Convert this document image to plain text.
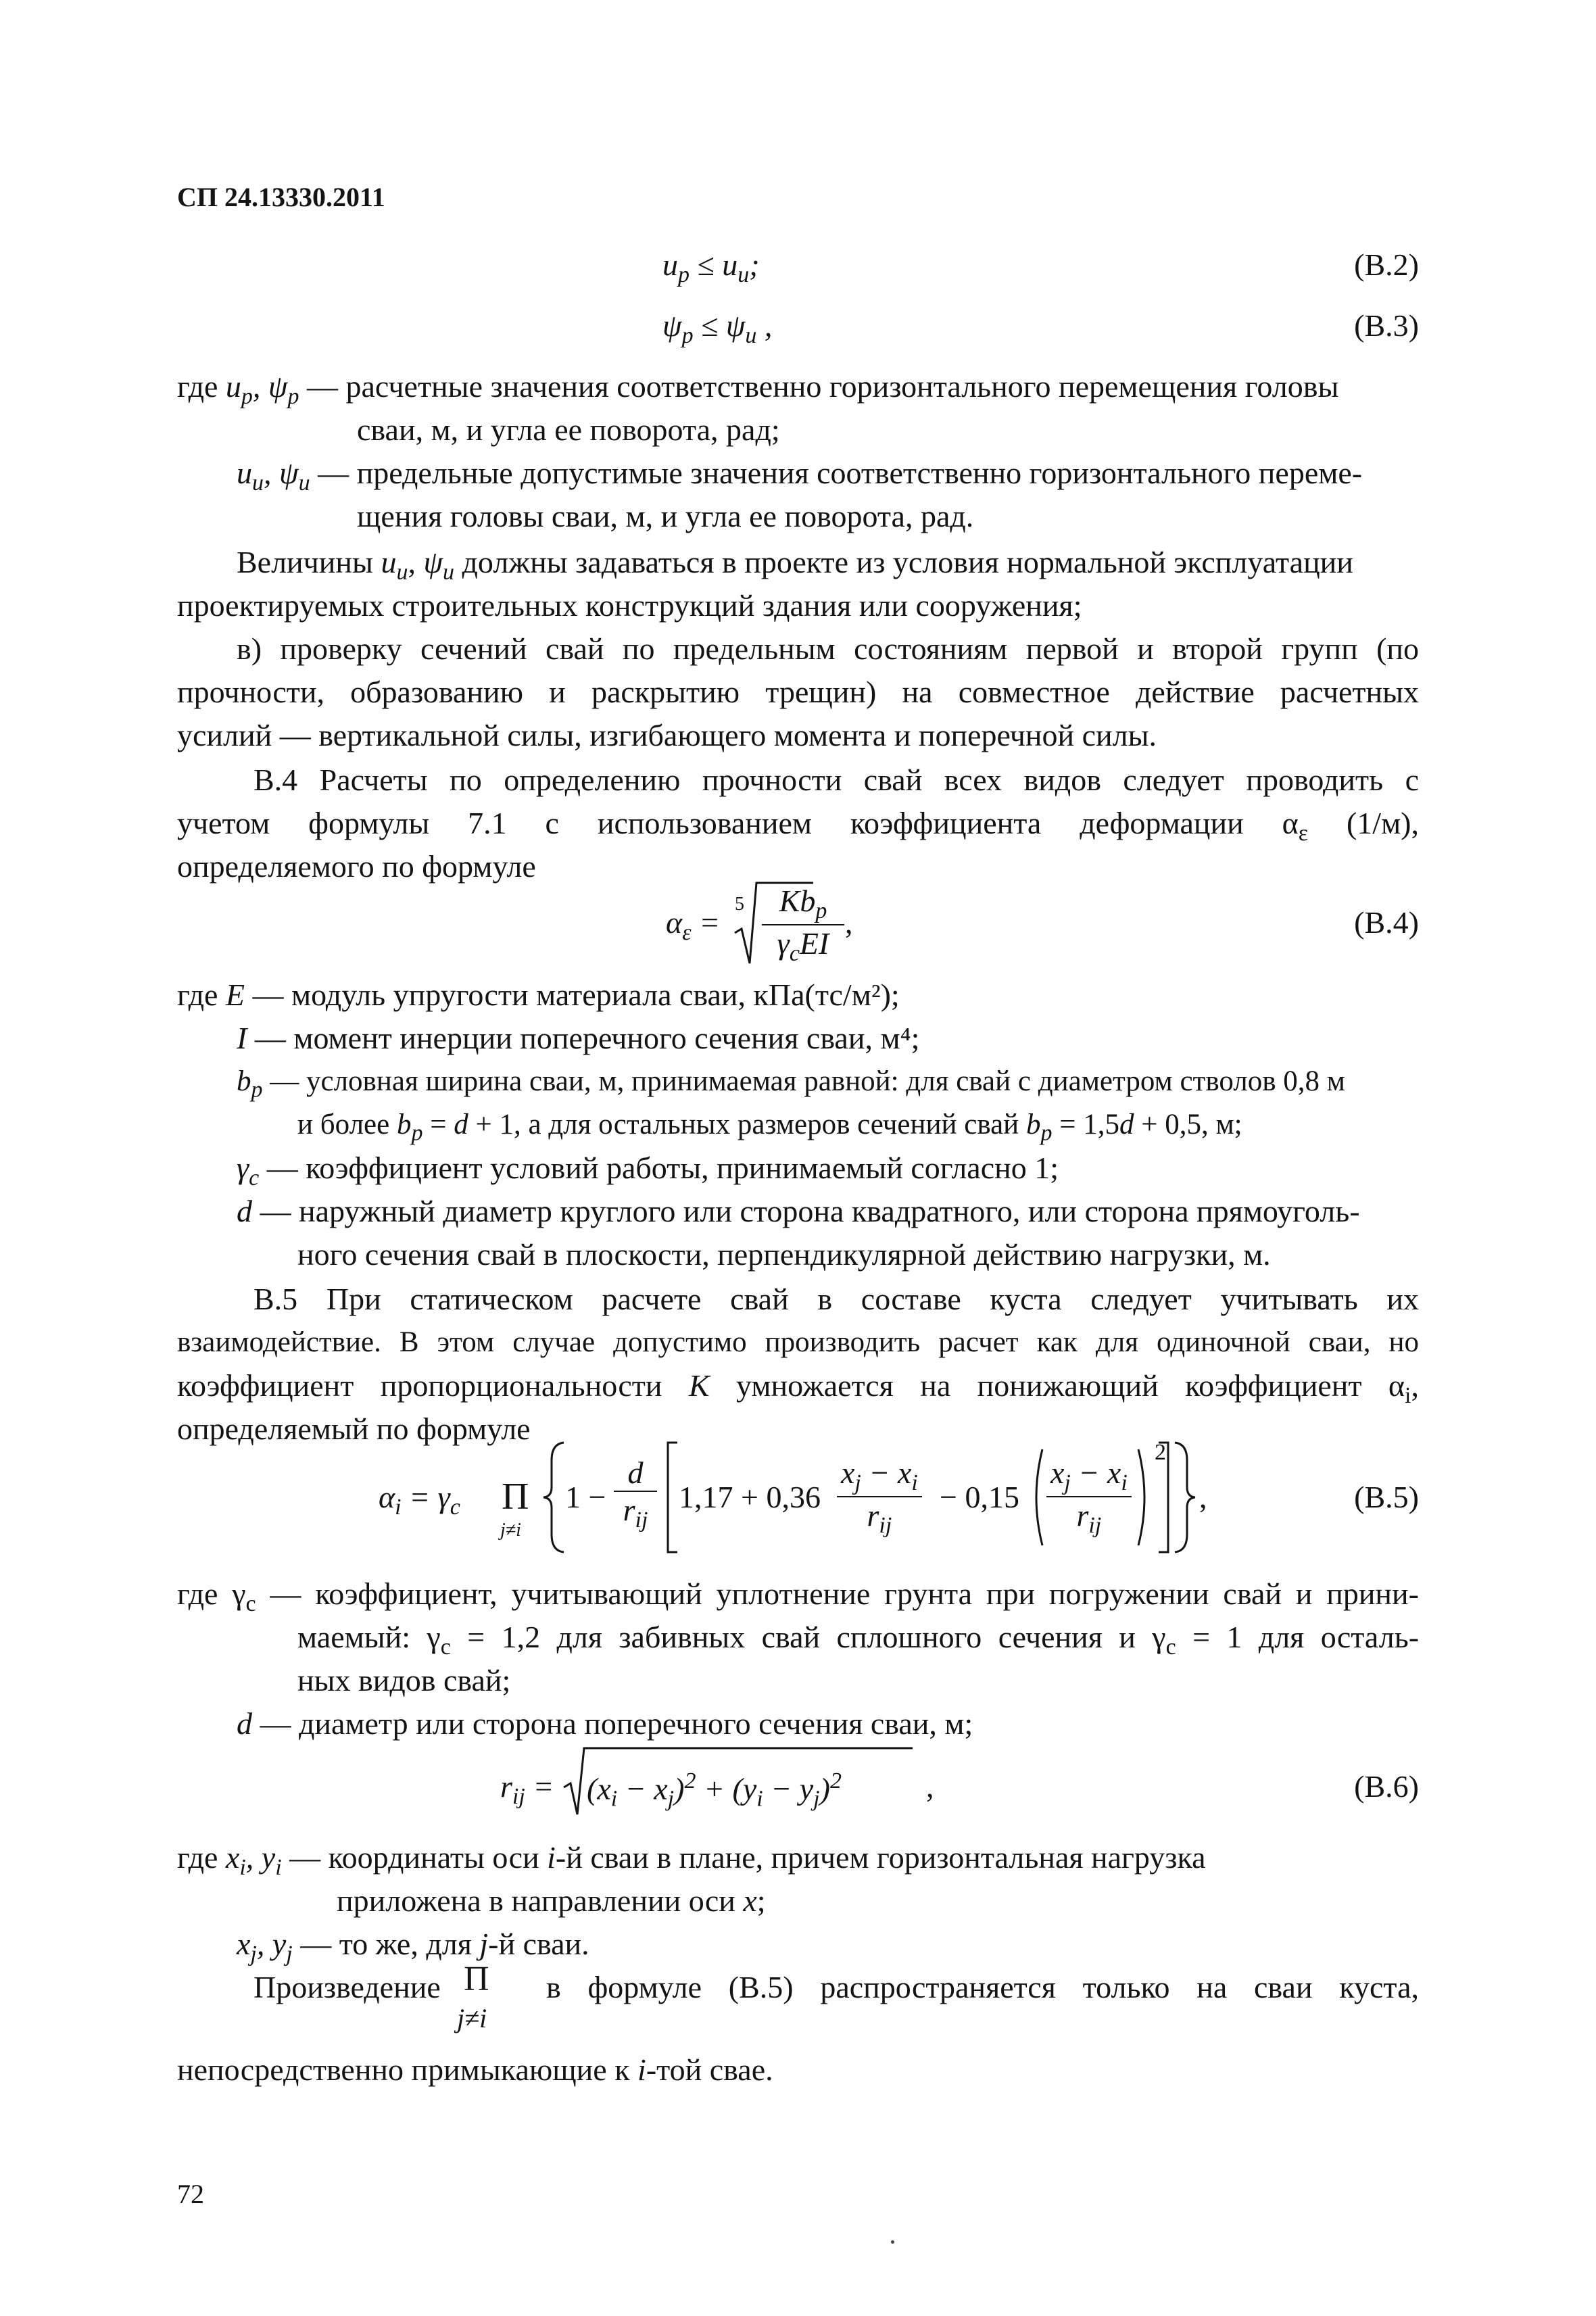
СП 24.13330.2011
$u_p \le u_u$;	(В.2)
$\psi_p \le \psi_u$ ,	(В.3)
где $u_p$, $\psi_p$ — расчетные значения соответственно горизонтального перемещения головы
сваи, м, и угла ее поворота, рад;
$u_u$, $\psi_u$ — предельные допустимые значения соответственно горизонтального переме-
щения головы сваи, м, и угла ее поворота, рад.
Величины $u_u$, $\psi_u$ должны задаваться в проекте из условия нормальной эксплуатации
проектируемых строительных конструкций здания или сооружения;
в) проверку сечений свай по предельным состояниям первой и второй групп (по
прочности, образованию и раскрытию трещин) на совместное действие расчетных
усилий — вертикальной силы, изгибающего момента и поперечной силы.
В.4 Расчеты по определению прочности свай всех видов следует проводить с
учетом формулы 7.1 с использованием коэффициента деформации $\alpha_\varepsilon$ (1/м),
определяемого по формуле
$\alpha_\varepsilon$ =
5	$Kb_p$
$\gamma_cEI$
,	(В.4)
где E — модуль упругости материала сваи, кПа(тс/м²);
I — момент инерции поперечного сечения сваи, м⁴;
$b_p$ — условная ширина сваи, м, принимаемая равной: для свай с диаметром стволов 0,8 м
и более $b_p = d + 1$, а для остальных размеров сечений свай $b_p = 1,5d + 0,5$, м;
$\gamma_c$ — коэффициент условий работы, принимаемый согласно 1;
d — наружный диаметр круглого или сторона квадратного, или сторона прямоуголь-
ного сечения свай в плоскости, перпендикулярной действию нагрузки, м.
В.5 При статическом расчете свай в составе куста следует учитывать их
взаимодействие. В этом случае допустимо производить расчет как для одиночной сваи, но
коэффициент пропорциональности K умножается на понижающий коэффициент $\alpha_i$,
определяемый по формуле
$\alpha_i = \gamma_c$ Π
j≠i
1 −
d
$r_{ij}$
1,17 + 0,36
$x_j - x_i$
$r_{ij}$
− 0,15
$x_j - x_i$
$r_{ij}$
2
,	(В.5)
где $\gamma_c$ — коэффициент, учитывающий уплотнение грунта при погружении свай и прини-
маемый: $\gamma_c = 1,2$ для забивных свай сплошного сечения и $\gamma_c = 1$ для осталь-
ных видов свай;
d — диаметр или сторона поперечного сечения сваи, м;
$r_{ij} = (x_i - x_j)^2 + (y_i - y_j)^2$	,	(В.6)
где $x_i$, $y_i$ — координаты оси i-й сваи в плане, причем горизонтальная нагрузка
приложена в направлении оси x;
$x_j$, $y_j$ — то же, для j-й сваи.
Произведение Π
j≠i
в формуле (В.5) распространяется только на сваи куста,
непосредственно примыкающие к i-той свае.
72
